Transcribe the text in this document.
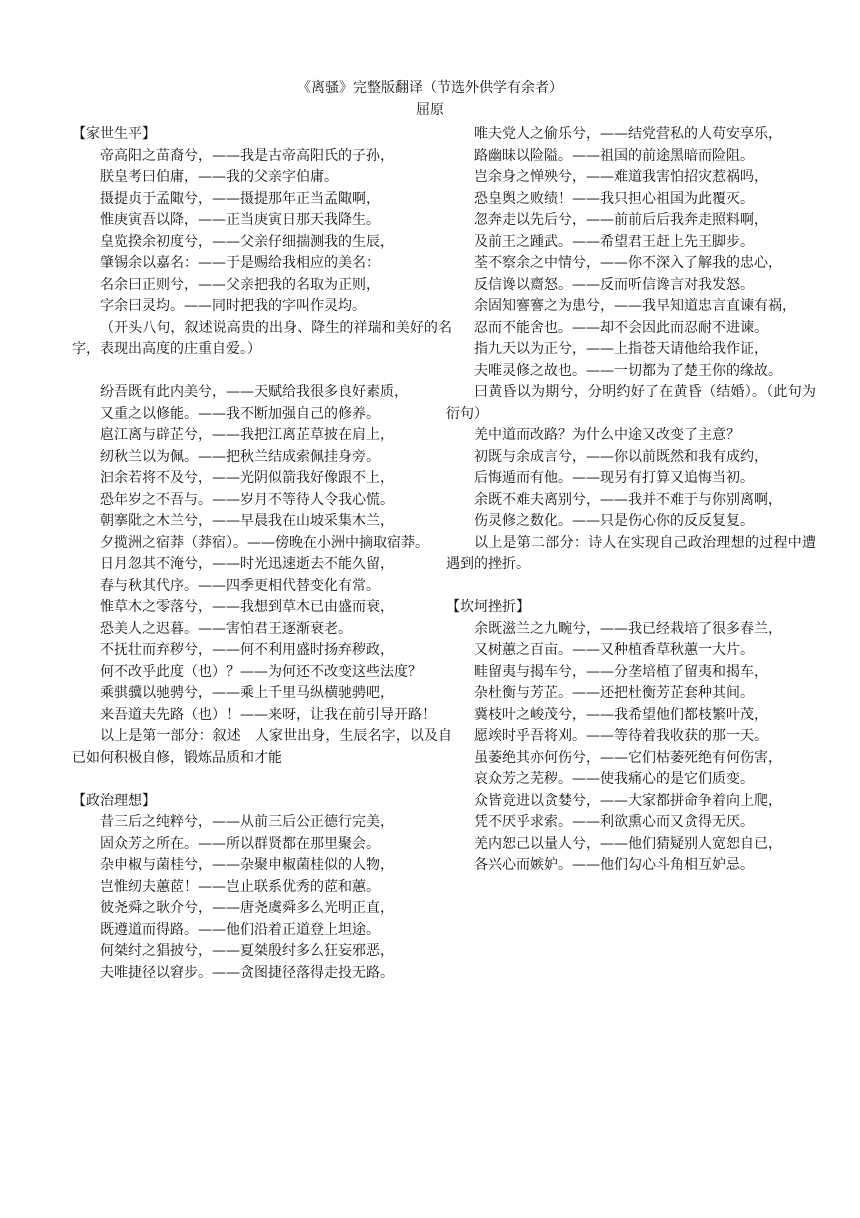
《离骚》完整版翻译（节选外供学有余者）
屈原
【家世生平】

帝高阳之苗裔兮，——我是古帝高阳氏的子孙，

朕皇考曰伯庸，——我的父亲字伯庸。

摄提贞于孟陬兮，——摄提那年正当孟陬啊，

惟庚寅吾以降，——正当庚寅日那天我降生。

皇览揆余初度兮，——父亲仔细揣测我的生辰，

肇锡余以嘉名：——于是赐给我相应的美名：

名余曰正则兮，——父亲把我的名取为正则，

字余曰灵均。——同时把我的字叫作灵均。

（开头八句，叙述说高贵的出身、降生的祥瑞和美好的名字，表现出高度的庄重自爱。）

纷吾既有此内美兮，——天赋给我很多良好素质，

又重之以修能。——我不断加强自己的修养。

扈江离与辟芷兮，——我把江离芷草披在肩上，

纫秋兰以为佩。——把秋兰结成索佩挂身旁。

汩余若将不及兮，——光阴似箭我好像跟不上，

恐年岁之不吾与。——岁月不等待人令我心慌。

朝搴阰之木兰兮，——早晨我在山坡采集木兰，

夕揽洲之宿莽（莽宿）。——傍晚在小洲中摘取宿莽。

日月忽其不淹兮，——时光迅速逝去不能久留，

春与秋其代序。——四季更相代替变化有常。

惟草木之零落兮，——我想到草木已由盛而衰，

恐美人之迟暮。——害怕君王逐渐衰老。

不抚壮而弃秽兮，——何不利用盛时扬弃秽政，

何不改乎此度（也）？——为何还不改变这些法度？

乘骐骥以驰骋兮，——乘上千里马纵横驰骋吧，

来吾道夫先路（也）！——来呀，让我在前引导开路！

以上是第一部分：叙述　人家世出身，生辰名字，以及自已如何积极自修，锻炼品质和才能

【政治理想】

昔三后之纯粹兮，——从前三后公正德行完美，

固众芳之所在。——所以群贤都在那里聚会。

杂申椒与菌桂兮，——杂聚申椒菌桂似的人物，

岂惟纫夫蕙茝！——岂止联系优秀的茝和蕙。

彼尧舜之耿介兮，——唐尧虞舜多么光明正直，

既遵道而得路。——他们沿着正道登上坦途。

何桀纣之猖披兮，——夏桀殷纣多么狂妄邪恶，

夫唯捷径以窘步。——贪图捷径落得走投无路。

唯夫党人之偷乐兮，——结党营私的人苟安享乐，

路幽昧以险隘。——祖国的前途黑暗而险阻。

岂余身之惮殃兮，——难道我害怕招灾惹祸吗，

恐皇舆之败绩！——我只担心祖国为此覆灭。

忽奔走以先后兮，——前前后后我奔走照料啊，

及前王之踵武。——希望君王赶上先王脚步。

荃不察余之中情兮，——你不深入了解我的忠心，

反信谗以齌怒。——反而听信谗言对我发怒。

余固知謇謇之为患兮，——我早知道忠言直谏有祸，

忍而不能舍也。——却不会因此而忍耐不进谏。

指九天以为正兮，——上指苍天请他给我作证，

夫唯灵修之故也。——一切都为了楚王你的缘故。

曰黄昏以为期兮，分明约好了在黄昏（结婚）。（此句为衍句）

羌中道而改路？为什么中途又改变了主意？

初既与余成言兮，——你以前既然和我有成约，

后悔遁而有他。——现另有打算又追悔当初。

余既不难夫离别兮，——我并不难于与你别离啊，

伤灵修之数化。——只是伤心你的反反复复。

以上是第二部分：诗人在实现自己政治理想的过程中遭遇到的挫折。

【坎坷挫折】

余既滋兰之九畹兮，——我已经栽培了很多春兰，

又树蕙之百亩。——又种植香草秋蕙一大片。

畦留夷与揭车兮，——分垄培植了留夷和揭车，

杂杜衡与芳芷。——还把杜衡芳芷套种其间。

冀枝叶之峻茂兮，——我希望他们都枝繁叶茂，

愿竢时乎吾将刈。——等待着我收获的那一天。

虽萎绝其亦何伤兮，——它们枯萎死绝有何伤害，

哀众芳之芜秽。——使我痛心的是它们质变。

众皆竞进以贪婪兮，——大家都拼命争着向上爬，

凭不厌乎求索。——利欲熏心而又贪得无厌。

羌内恕己以量人兮，——他们猜疑别人宽恕自已，

各兴心而嫉妒。——他们勾心斗角相互妒忌。
